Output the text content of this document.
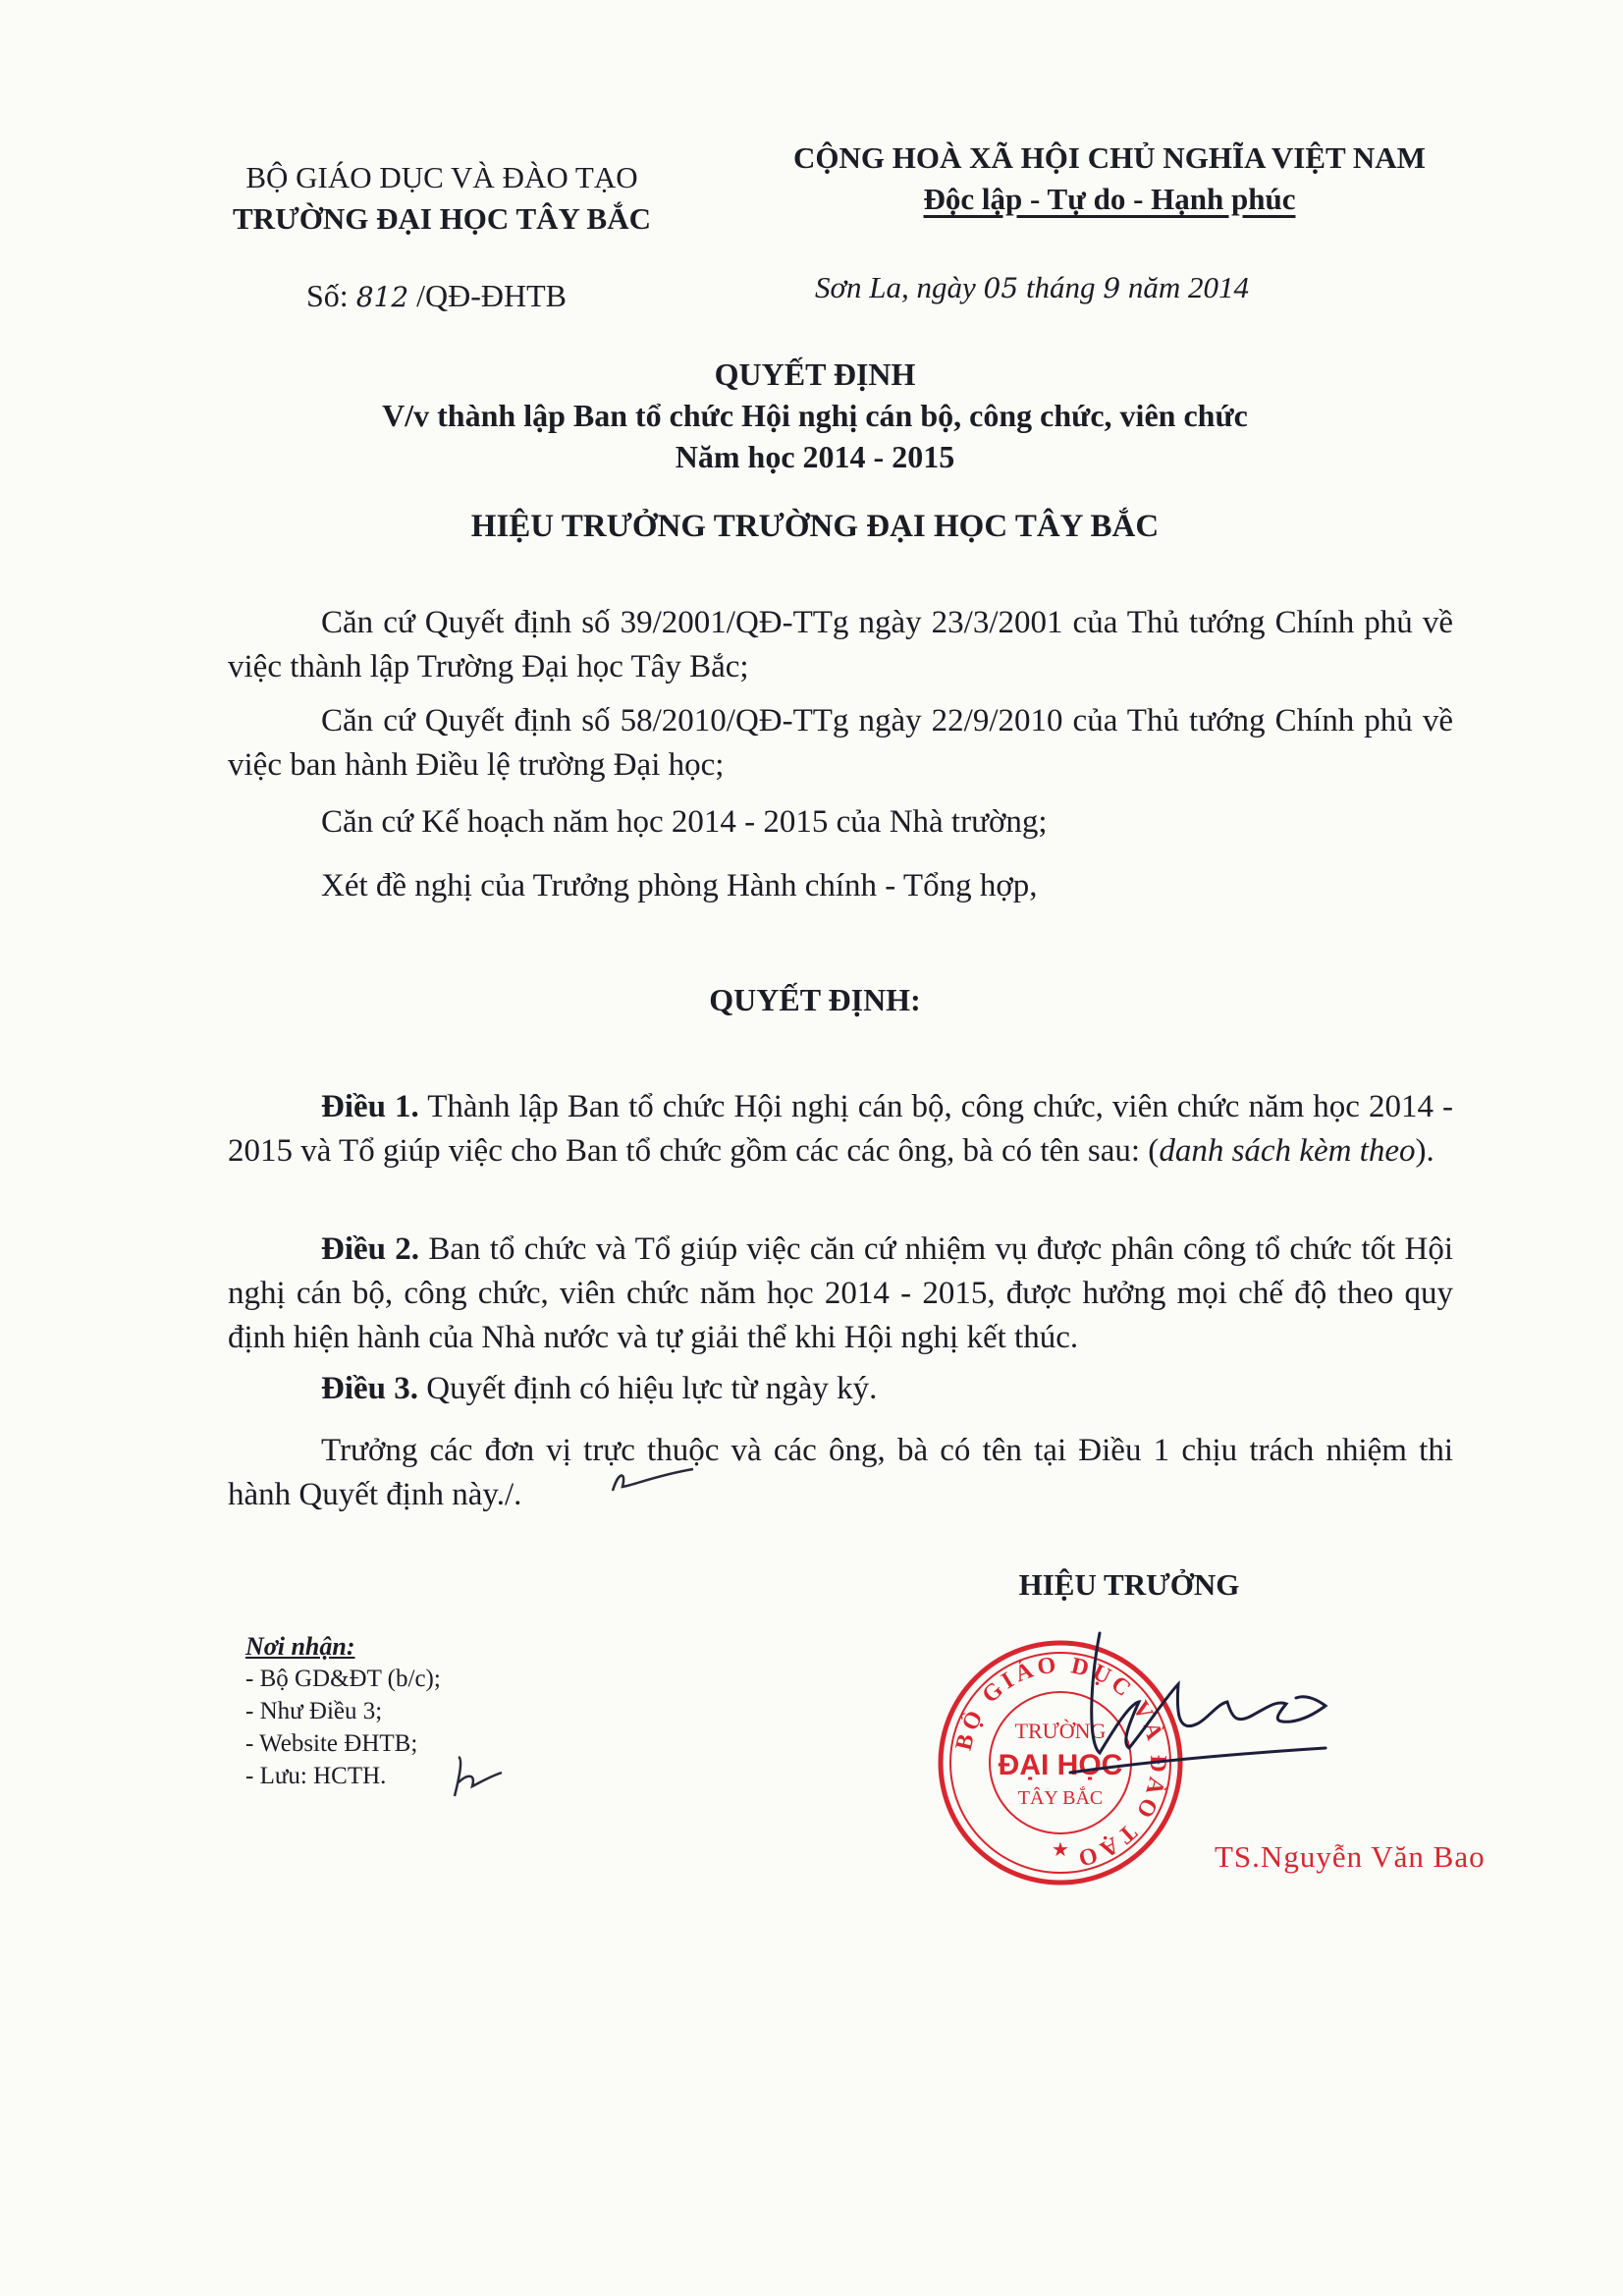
BỘ GIÁO DỤC VÀ ĐÀO TẠO
TRƯỜNG ĐẠI HỌC TÂY BẮC
CỘNG HOÀ XÃ HỘI CHỦ NGHĨA VIỆT NAM
Độc lập - Tự do - Hạnh phúc
Số: 812 /QĐ-ĐHTB	Sơn La, ngày 05 tháng 9 năm 2014
QUYẾT ĐỊNH
V/v thành lập Ban tổ chức Hội nghị cán bộ, công chức, viên chức
Năm học 2014 - 2015
HIỆU TRƯỞNG TRƯỜNG ĐẠI HỌC TÂY BẮC
Căn cứ Quyết định số 39/2001/QĐ-TTg ngày 23/3/2001 của Thủ tướng Chính phủ về việc thành lập Trường Đại học Tây Bắc;
Căn cứ Quyết định số 58/2010/QĐ-TTg ngày 22/9/2010 của Thủ tướng Chính phủ về việc ban hành Điều lệ trường Đại học;
Căn cứ Kế hoạch năm học 2014 - 2015 của Nhà trường;
Xét đề nghị của Trưởng phòng Hành chính - Tổng hợp,
QUYẾT ĐỊNH:
Điều 1. Thành lập Ban tổ chức Hội nghị cán bộ, công chức, viên chức năm học 2014 - 2015 và Tổ giúp việc cho Ban tổ chức gồm các các ông, bà có tên sau: (danh sách kèm theo).
Điều 2. Ban tổ chức và Tổ giúp việc căn cứ nhiệm vụ được phân công tổ chức tốt Hội nghị cán bộ, công chức, viên chức năm học 2014 - 2015, được hưởng mọi chế độ theo quy định hiện hành của Nhà nước và tự giải thể khi Hội nghị kết thúc.
Điều 3. Quyết định có hiệu lực từ ngày ký.
Trưởng các đơn vị trực thuộc và các ông, bà có tên tại Điều 1 chịu trách nhiệm thi hành Quyết định này./.
HIỆU TRƯỞNG
Nơi nhận:
- Bộ GD&ĐT (b/c);
- Như Điều 3;
- Website ĐHTB;
- Lưu: HCTH.
BỘ GIÁO DỤC VÀ ĐÀO TẠO
TRƯỜNG
ĐẠI HỌC
TÂY BẮC
★	TS.Nguyễn Văn Bao
